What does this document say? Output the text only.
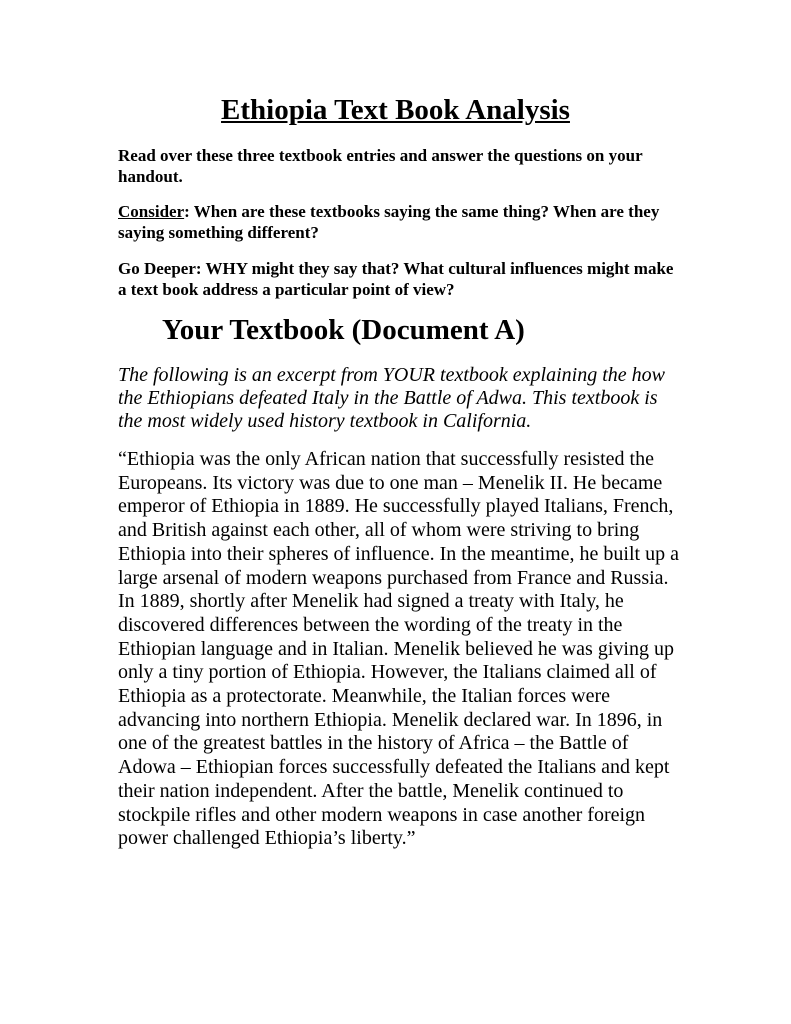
Ethiopia Text Book Analysis

Read over these three textbook entries and answer the questions on your handout.

Consider: When are these textbooks saying the same thing? When are they saying something different?

Go Deeper: WHY might they say that? What cultural influences might make a text book address a particular point of view?

Your Textbook (Document A)

The following is an excerpt from YOUR textbook explaining the how the Ethiopians defeated Italy in the Battle of Adwa. This textbook is the most widely used history textbook in California.

“Ethiopia was the only African nation that successfully resisted the Europeans. Its victory was due to one man – Menelik II. He became emperor of Ethiopia in 1889. He successfully played Italians, French, and British against each other, all of whom were striving to bring Ethiopia into their spheres of influence. In the meantime, he built up a large arsenal of modern weapons purchased from France and Russia. In 1889, shortly after Menelik had signed a treaty with Italy, he discovered differences between the wording of the treaty in the Ethiopian language and in Italian. Menelik believed he was giving up only a tiny portion of Ethiopia. However, the Italians claimed all of Ethiopia as a protectorate. Meanwhile, the Italian forces were advancing into northern Ethiopia. Menelik declared war. In 1896, in one of the greatest battles in the history of Africa – the Battle of Adowa – Ethiopian forces successfully defeated the Italians and kept their nation independent. After the battle, Menelik continued to stockpile rifles and other modern weapons in case another foreign power challenged Ethiopia’s liberty.”
